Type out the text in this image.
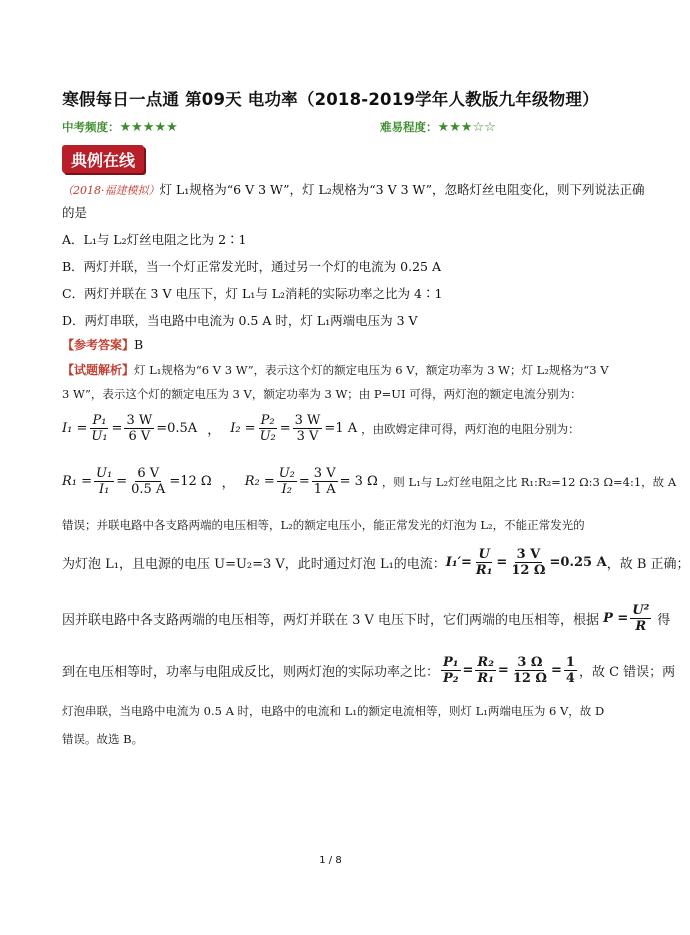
寒假每日一点通 第09天 电功率（2018-2019学年人教版九年级物理）
中考频度：★★★★★	难易程度：★★★☆☆
典例在线
（2018·福建模拟）灯 L₁规格为“6 V 3 W”，灯 L₂规格为“3 V 3 W”，忽略灯丝电阻变化，则下列说法正确
的是
A．L₁与 L₂灯丝电阻之比为 2∶1
B．两灯并联，当一个灯正常发光时，通过另一个灯的电流为 0.25 A
C．两灯并联在 3 V 电压下，灯 L₁与 L₂消耗的实际功率之比为 4∶1
D．两灯串联，当电路中电流为 0.5 A 时，灯 L₁两端电压为 3 V
【参考答案】B
【试题解析】灯 L₁规格为“6 V 3 W”，表示这个灯的额定电压为 6 V，额定功率为 3 W；灯 L₂规格为“3 V
3 W”，表示这个灯的额定电压为 3 V，额定功率为 3 W；由 P=UI 可得，两灯泡的额定电流分别为：
$I_1 = \frac{\text{P₁}}{\text{U₁}} = \frac{3 W}{6 V} =0.5A$ ， $I_2 = \frac{\text{P₂}}{\text{U₂}} = \frac{3 W}{3 V} =1$ A ，由欧姆定律可得，两灯泡的电阻分别为：
$R_1 = \frac{\text{U₁}}{\text{I₁}} = \frac{6 V}{0.5 A} =12$ Ω ， $R_2 = \frac{\text{U₂}}{\text{I₂}} = \frac{3 V}{1 A} = 3$ Ω ，则 L₁与 L₂灯丝电阻之比 R₁:R₂=12 Ω:3 Ω=4:1，故 A
错误；并联电路中各支路两端的电压相等，L₂的额定电压小，能正常发光的灯泡为 L₂，不能正常发光的
为灯泡 L₁，且电源的电压 U=U₂=3 V，此时通过灯泡 L₁的电流： $I_1'= \frac{U}{\text{R₁}} = \frac{3 V}{12 \Omega} =0.25$ A ，故 B 正确；
因并联电路中各支路两端的电压相等，两灯并联在 3 V 电压下时，它们两端的电压相等，根据 $P = \frac{\text{U²}}{R}$ 得
到在电压相等时，功率与电阻成反比，则两灯泡的实际功率之比： $\frac{\text{P₁}}{\text{P₂}} = \frac{\text{R₂}}{\text{R₁}} = \frac{3 \Omega}{12 \Omega} = \frac{1}{4}$ ，故 C 错误；两
灯泡串联，当电路中电流为 0.5 A 时，电路中的电流和 L₁的额定电流相等，则灯 L₁两端电压为 6 V，故 D
错误。故选 B。
1 / 8
